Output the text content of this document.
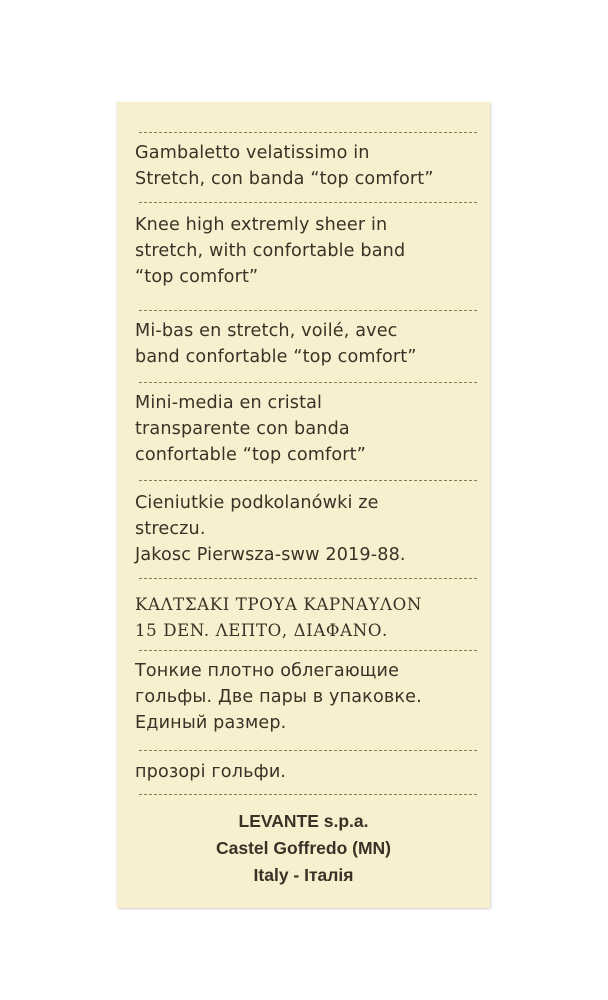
Gambaletto velatissimo in
Stretch, con banda “top comfort”
Knee high extremly sheer in
stretch, with confortable band
“top comfort”
Mi-bas en stretch, voilé, avec
band confortable “top comfort”
Mini-media en cristal
transparente con banda
confortable “top comfort”
Cieniutkie podkolanówki ze
streczu.
Jakosc Pierwsza-sww 2019-88.
ΚΑΛΤΣΑΚΙ ΤΡΟΥΑ ΚΑΡΝΑΥΛΟΝ
15 DEN. ΛΕΠΤΟ, ΔΙΑΦΑΝΟ.
Тонкие плотно облегающие
гольфы. Две пары в упаковке.
Единый размер.
прозорі гольфи.
LEVANTE s.p.a.
Castel Goffredo (MN)
Italy - Італія
